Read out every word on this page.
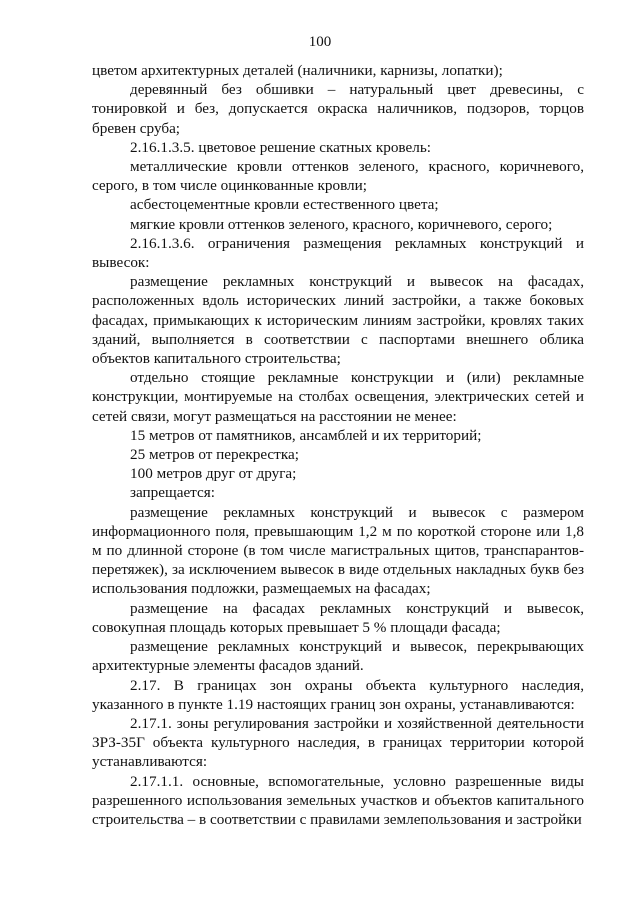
100

цветом архитектурных деталей (наличники, карнизы, лопатки);

деревянный без обшивки – натуральный цвет древесины, с тонировкой и без, допускается окраска наличников, подзоров, торцов бревен сруба;

2.16.1.3.5. цветовое решение скатных кровель:

металлические кровли оттенков зеленого, красного, коричневого, серого, в том числе оцинкованные кровли;

асбестоцементные кровли естественного цвета;

мягкие кровли оттенков зеленого, красного, коричневого, серого;

2.16.1.3.6. ограничения размещения рекламных конструкций и вывесок:

размещение рекламных конструкций и вывесок на фасадах, расположенных вдоль исторических линий застройки, а также боковых фасадах, примыкающих к историческим линиям застройки, кровлях таких зданий, выполняется в соответствии с паспортами внешнего облика объектов капитального строительства;

отдельно стоящие рекламные конструкции и (или) рекламные конструкции, монтируемые на столбах освещения, электрических сетей и сетей связи, могут размещаться на расстоянии не менее:

15 метров от памятников, ансамблей и их территорий;

25 метров от перекрестка;

100 метров друг от друга;

запрещается:

размещение рекламных конструкций и вывесок с размером информационного поля, превышающим 1,2 м по короткой стороне или 1,8 м по длинной стороне (в том числе магистральных щитов, транспарантов-перетяжек), за исключением вывесок в виде отдельных накладных букв без использования подложки, размещаемых на фасадах;

размещение на фасадах рекламных конструкций и вывесок, совокупная площадь которых превышает 5 % площади фасада;

размещение рекламных конструкций и вывесок, перекрывающих архитектурные элементы фасадов зданий.

2.17. В границах зон охраны объекта культурного наследия, указанного в пункте 1.19 настоящих границ зон охраны, устанавливаются:

2.17.1. зоны регулирования застройки и хозяйственной деятельности ЗРЗ-35Г объекта культурного наследия, в границах территории которой устанавливаются:

2.17.1.1. основные, вспомогательные, условно разрешенные виды разрешенного использования земельных участков и объектов капитального строительства – в соответствии с правилами землепользования и застройки
